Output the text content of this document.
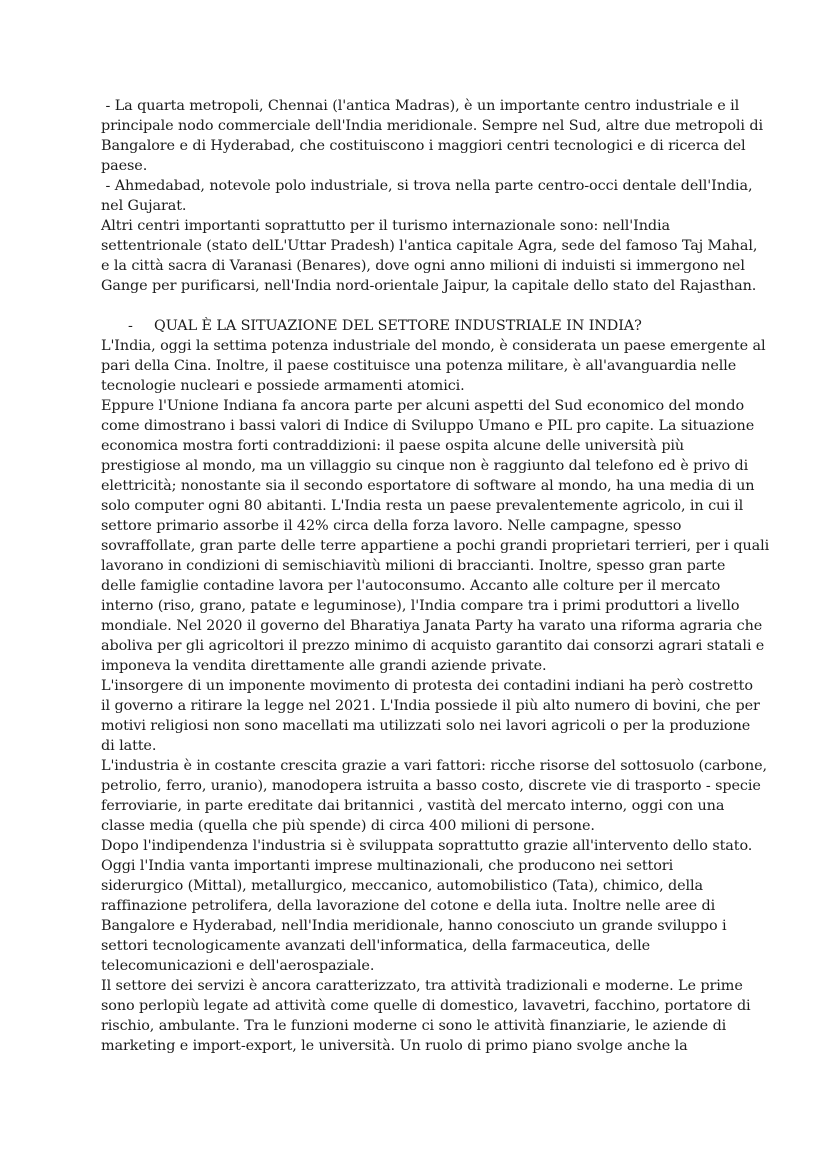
- La quarta metropoli, Chennai (l'antica Madras), è un importante centro industriale e il
principale nodo commerciale dell'India meridionale. Sempre nel Sud, altre due metropoli di
Bangalore e di Hyderabad, che costituiscono i maggiori centri tecnologici e di ricerca del
paese.
- Ahmedabad, notevole polo industriale, si trova nella parte centro-occi dentale dell'India,
nel Gujarat.
Altri centri importanti soprattutto per il turismo internazionale sono: nell'India
settentrionale (stato delL'Uttar Pradesh) l'antica capitale Agra, sede del famoso Taj Mahal,
e la città sacra di Varanasi (Benares), dove ogni anno milioni di induisti si immergono nel
Gange per purificarsi, nell'India nord-orientale Jaipur, la capitale dello stato del Rajasthan.
- QUAL È LA SITUAZIONE DEL SETTORE INDUSTRIALE IN INDIA?
L'India, oggi la settima potenza industriale del mondo, è considerata un paese emergente al
pari della Cina. Inoltre, il paese costituisce una potenza militare, è all'avanguardia nelle
tecnologie nucleari e possiede armamenti atomici.
Eppure l'Unione Indiana fa ancora parte per alcuni aspetti del Sud economico del mondo
come dimostrano i bassi valori di Indice di Sviluppo Umano e PIL pro capite. La situazione
economica mostra forti contraddizioni: il paese ospita alcune delle università più
prestigiose al mondo, ma un villaggio su cinque non è raggiunto dal telefono ed è privo di
elettricità; nonostante sia il secondo esportatore di software al mondo, ha una media di un
solo computer ogni 80 abitanti. L'India resta un paese prevalentemente agricolo, in cui il
settore primario assorbe il 42% circa della forza lavoro. Nelle campagne, spesso
sovraffollate, gran parte delle terre appartiene a pochi grandi proprietari terrieri, per i quali
lavorano in condizioni di semischiavitù milioni di braccianti. Inoltre, spesso gran parte
delle famiglie contadine lavora per l'autoconsumo. Accanto alle colture per il mercato
interno (riso, grano, patate e leguminose), l'India compare tra i primi produttori a livello
mondiale. Nel 2020 il governo del Bharatiya Janata Party ha varato una riforma agraria che
aboliva per gli agricoltori il prezzo minimo di acquisto garantito dai consorzi agrari statali e
imponeva la vendita direttamente alle grandi aziende private.
L'insorgere di un imponente movimento di protesta dei contadini indiani ha però costretto
il governo a ritirare la legge nel 2021. L'India possiede il più alto numero di bovini, che per
motivi religiosi non sono macellati ma utilizzati solo nei lavori agricoli o per la produzione
di latte.
L'industria è in costante crescita grazie a vari fattori: ricche risorse del sottosuolo (carbone,
petrolio, ferro, uranio), manodopera istruita a basso costo, discrete vie di trasporto - specie
ferroviarie, in parte ereditate dai britannici , vastità del mercato interno, oggi con una
classe media (quella che più spende) di circa 400 milioni di persone.
Dopo l'indipendenza l'industria si è sviluppata soprattutto grazie all'intervento dello stato.
Oggi l'India vanta importanti imprese multinazionali, che producono nei settori
siderurgico (Mittal), metallurgico, meccanico, automobilistico (Tata), chimico, della
raffinazione petrolifera, della lavorazione del cotone e della iuta. Inoltre nelle aree di
Bangalore e Hyderabad, nell'India meridionale, hanno conosciuto un grande sviluppo i
settori tecnologicamente avanzati dell'informatica, della farmaceutica, delle
telecomunicazioni e dell'aerospaziale.
Il settore dei servizi è ancora caratterizzato, tra attività tradizionali e moderne. Le prime
sono perlopiù legate ad attività come quelle di domestico, lavavetri, facchino, portatore di
rischio, ambulante. Tra le funzioni moderne ci sono le attività finanziarie, le aziende di
marketing e import-export, le università. Un ruolo di primo piano svolge anche la
